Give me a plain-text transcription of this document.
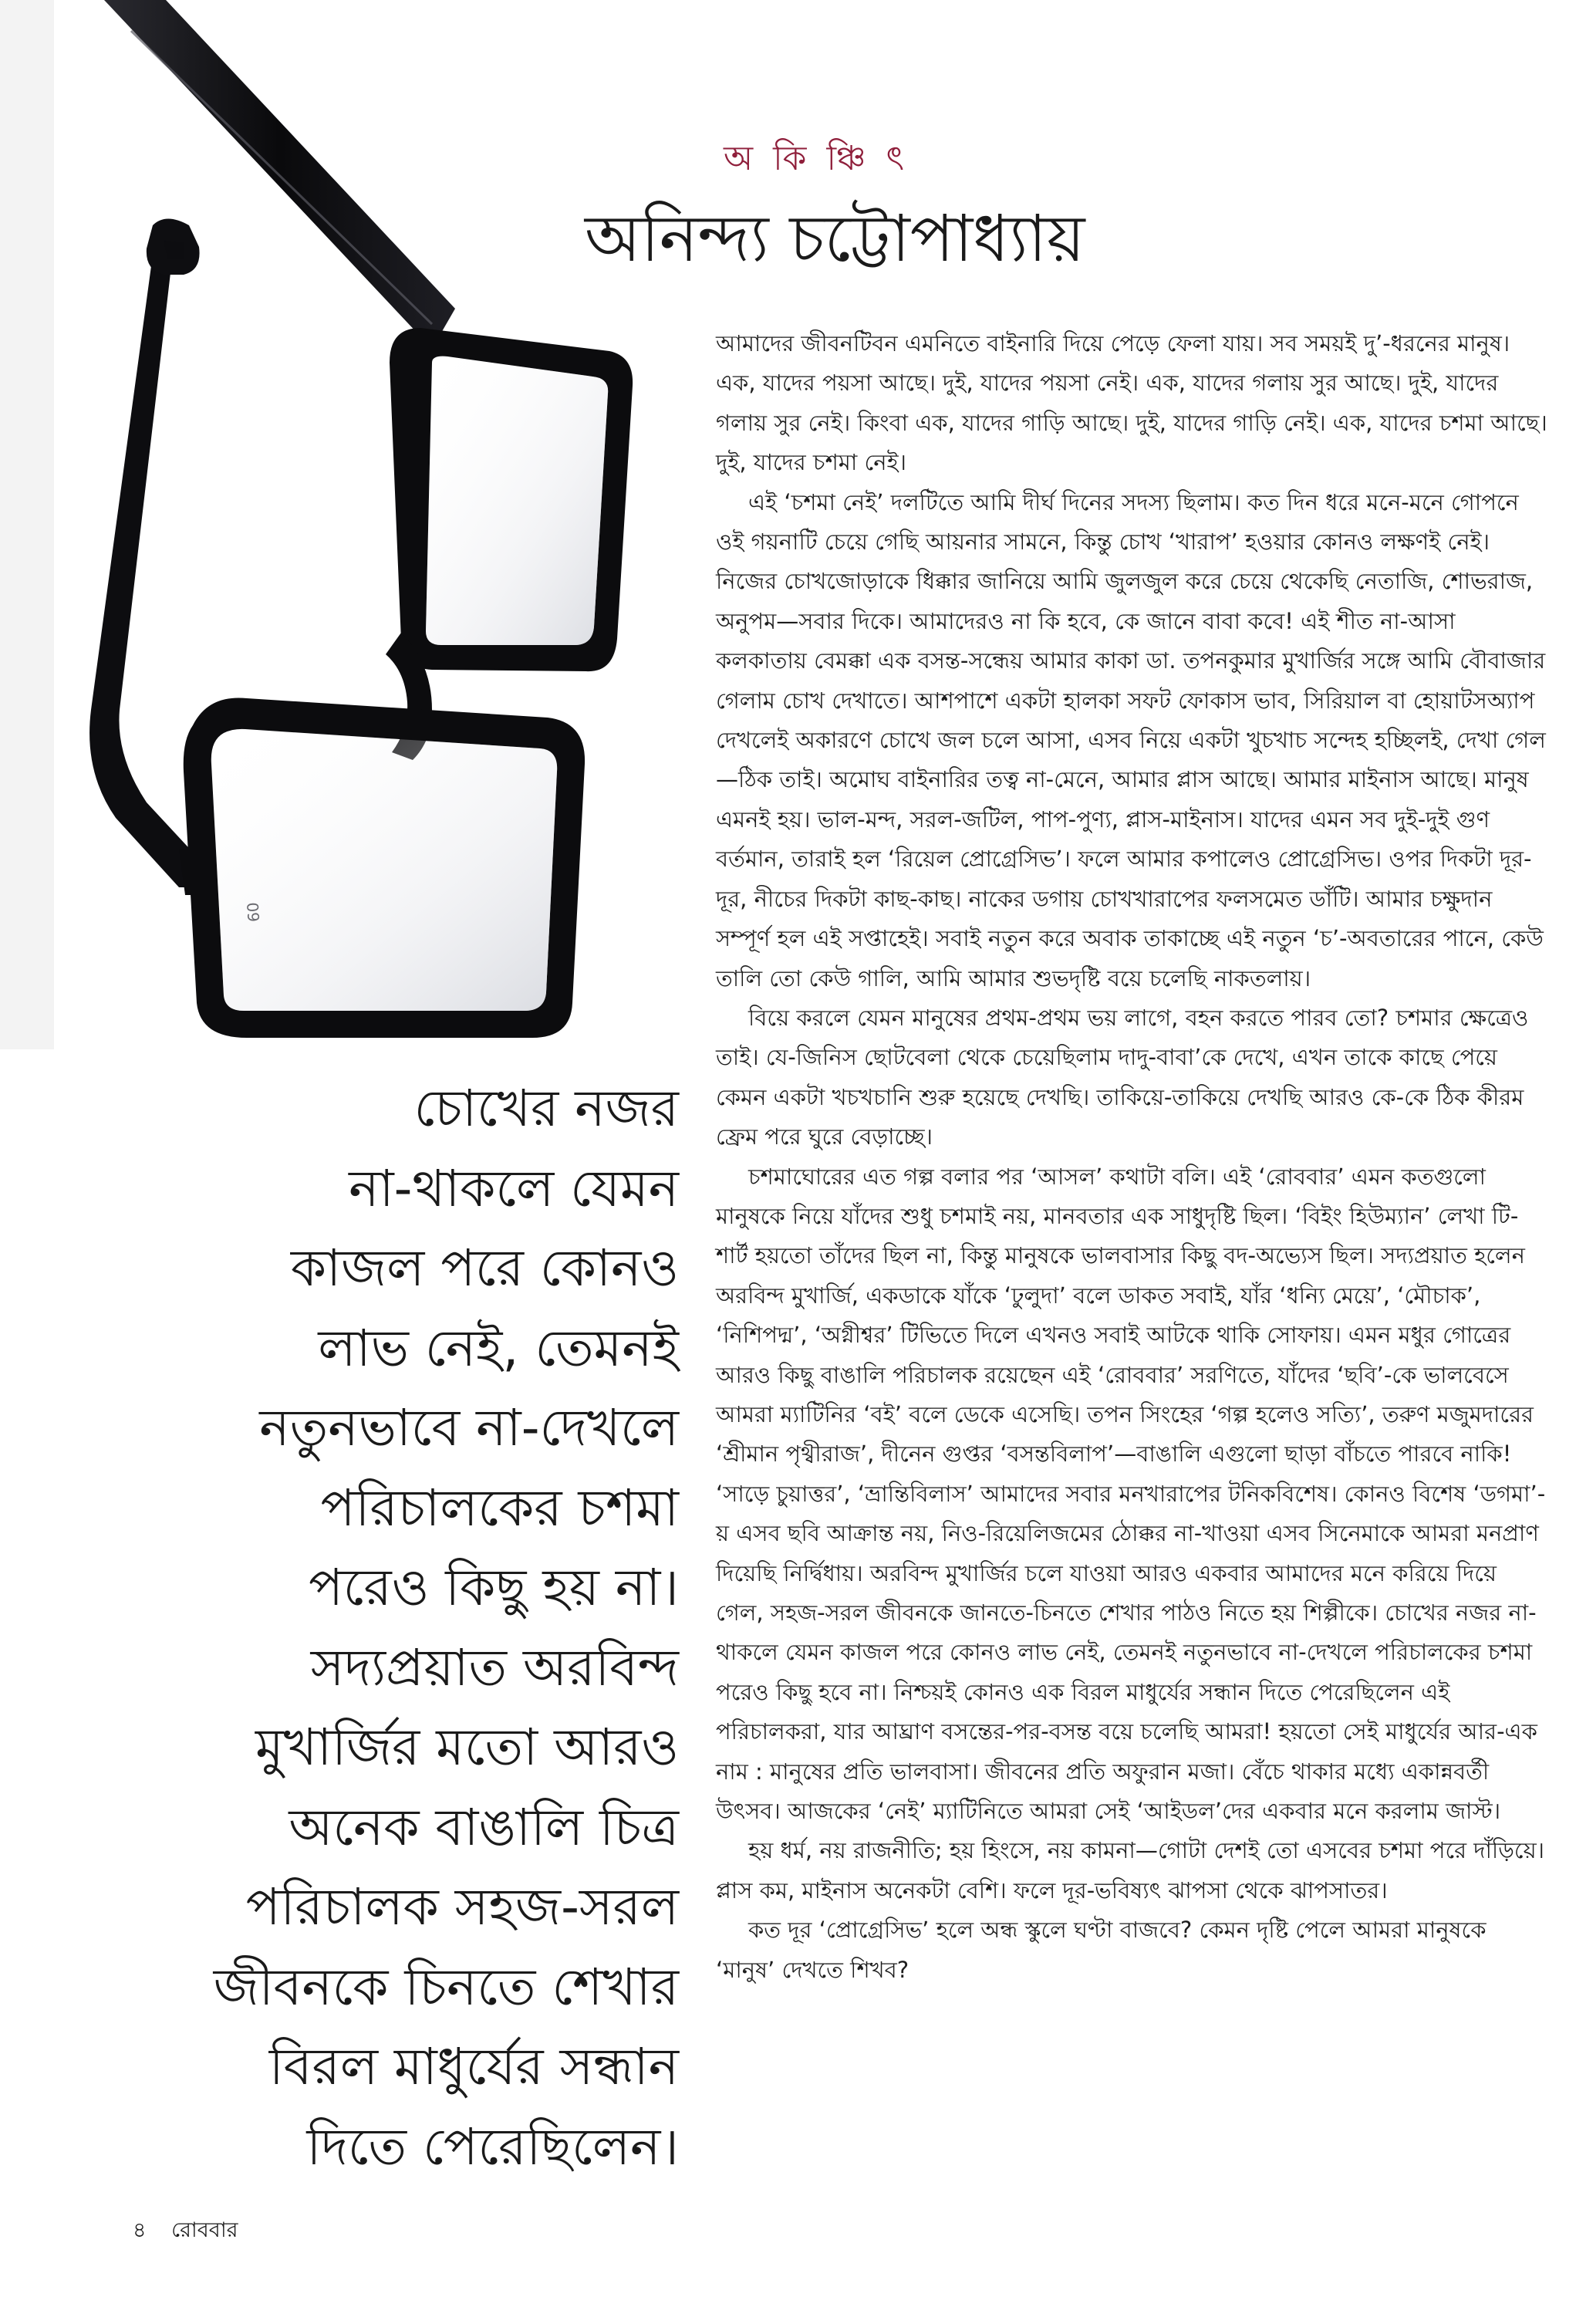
09
অ কি ঞ্চি ৎ
অনিন্দ্য চট্টোপাধ্যায়

আমাদের জীবনটিবন এমনিতে বাইনারি দিয়ে পেড়ে ফেলা যায়। সব সময়ই দু’-ধরনের মানুষ। এক, যাদের পয়সা আছে। দুই, যাদের পয়সা নেই। এক, যাদের গলায় সুর আছে। দুই, যাদের গলায় সুর নেই। কিংবা এক, যাদের গাড়ি আছে। দুই, যাদের গাড়ি নেই। এক, যাদের চশমা আছে। দুই, যাদের চশমা নেই।

এই ‘চশমা নেই’ দলটিতে আমি দীর্ঘ দিনের সদস্য ছিলাম। কত দিন ধরে মনে-মনে গোপনে ওই গয়নাটি চেয়ে গেছি আয়নার সামনে, কিন্তু চোখ ‘খারাপ’ হওয়ার কোনও লক্ষণই নেই। নিজের চোখজোড়াকে ধিক্কার জানিয়ে আমি জুলজুল করে চেয়ে থেকেছি নেতাজি, শোভরাজ, অনুপম—সবার দিকে। আমাদেরও না কি হবে, কে জানে বাবা কবে! এই শীত না-আসা কলকাতায় বেমক্কা এক বসন্ত-সন্ধেয় আমার কাকা ডা. তপনকুমার মুখার্জির সঙ্গে আমি বৌবাজার গেলাম চোখ দেখাতে। আশপাশে একটা হালকা সফট ফোকাস ভাব, সিরিয়াল বা হোয়াটসঅ্যাপ দেখলেই অকারণে চোখে জল চলে আসা, এসব নিয়ে একটা খুচখাচ সন্দেহ হচ্ছিলই, দেখা গেল—ঠিক তাই। অমোঘ বাইনারির তত্ব না-মেনে, আমার প্লাস আছে। আমার মাইনাস আছে। মানুষ এমনই হয়। ভাল-মন্দ, সরল-জটিল, পাপ-পুণ্য, প্লাস-মাইনাস। যাদের এমন সব দুই-দুই গুণ বর্তমান, তারাই হল ‘রিয়েল প্রোগ্রেসিভ’। ফলে আমার কপালেও প্রোগ্রেসিভ। ওপর দিকটা দূর-দূর, নীচের দিকটা কাছ-কাছ। নাকের ডগায় চোখখারাপের ফলসমেত ডাঁটি। আমার চক্ষুদান সম্পূর্ণ হল এই সপ্তাহেই। সবাই নতুন করে অবাক তাকাচ্ছে এই নতুন ‘চ’-অবতারের পানে, কেউ তালি তো কেউ গালি, আমি আমার শুভদৃষ্টি বয়ে চলেছি নাকতলায়।

বিয়ে করলে যেমন মানুষের প্রথম-প্রথম ভয় লাগে, বহন করতে পারব তো? চশমার ক্ষেত্রেও তাই। যে-জিনিস ছোটবেলা থেকে চেয়েছিলাম দাদু-বাবা’কে দেখে, এখন তাকে কাছে পেয়ে কেমন একটা খচখচানি শুরু হয়েছে দেখছি। তাকিয়ে-তাকিয়ে দেখছি আরও কে-কে ঠিক কীরম ফ্রেম পরে ঘুরে বেড়াচ্ছে।

চশমাঘোরের এত গল্প বলার পর ‘আসল’ কথাটা বলি। এই ‘রোববার’ এমন কতগুলো মানুষকে নিয়ে যাঁদের শুধু চশমাই নয়, মানবতার এক সাধুদৃষ্টি ছিল। ‘বিইং হিউম্যান’ লেখা টি-শার্ট হয়তো তাঁদের ছিল না, কিন্তু মানুষকে ভালবাসার কিছু বদ-অভ্যেস ছিল। সদ্যপ্রয়াত হলেন অরবিন্দ মুখার্জি, একডাকে যাঁকে ‘ঢুলুদা’ বলে ডাকত সবাই, যাঁর ‘ধন্যি মেয়ে’, ‘মৌচাক’, ‘নিশিপদ্ম’, ‘অগ্নীশ্বর’ টিভিতে দিলে এখনও সবাই আটকে থাকি সোফায়। এমন মধুর গোত্রের আরও কিছু বাঙালি পরিচালক রয়েছেন এই ‘রোববার’ সরণিতে, যাঁদের ‘ছবি’-কে ভালবেসে আমরা ম্যাটিনির ‘বই’ বলে ডেকে এসেছি। তপন সিংহের ‘গল্প হলেও সত্যি’, তরুণ মজুমদারের ‘শ্রীমান পৃথ্বীরাজ’, দীনেন গুপ্তর ‘বসন্তবিলাপ’—বাঙালি এগুলো ছাড়া বাঁচতে পারবে নাকি! ‘সাড়ে চুয়াত্তর’, ‘ভ্রান্তিবিলাস’ আমাদের সবার মনখারাপের টনিকবিশেষ। কোনও বিশেষ ‘ডগমা’-য় এসব ছবি আক্রান্ত নয়, নিও-রিয়েলিজমের ঠোক্কর না-খাওয়া এসব সিনেমাকে আমরা মনপ্রাণ দিয়েছি নির্দ্বিধায়। অরবিন্দ মুখার্জির চলে যাওয়া আরও একবার আমাদের মনে করিয়ে দিয়ে গেল, সহজ-সরল জীবনকে জানতে-চিনতে শেখার পাঠও নিতে হয় শিল্পীকে। চোখের নজর না-থাকলে যেমন কাজল পরে কোনও লাভ নেই, তেমনই নতুনভাবে না-দেখলে পরিচালকের চশমা পরেও কিছু হবে না। নিশ্চয়ই কোনও এক বিরল মাধুর্যের সন্ধান দিতে পেরেছিলেন এই পরিচালকরা, যার আঘ্রাণ বসন্তের-পর-বসন্ত বয়ে চলেছি আমরা! হয়তো সেই মাধুর্যের আর-এক নাম : মানুষের প্রতি ভালবাসা। জীবনের প্রতি অফুরান মজা। বেঁচে থাকার মধ্যে একান্নবর্তী উৎসব। আজকের ‘নেই’ ম্যাটিনিতে আমরা সেই ‘আইডল’দের একবার মনে করলাম জাস্ট।

হয় ধর্ম, নয় রাজনীতি; হয় হিংসে, নয় কামনা—গোটা দেশই তো এসবের চশমা পরে দাঁড়িয়ে। প্লাস কম, মাইনাস অনেকটা বেশি। ফলে দূর-ভবিষ্যৎ ঝাপসা থেকে ঝাপসাতর।

কত দূর ‘প্রোগ্রেসিভ’ হলে অন্ধ স্কুলে ঘণ্টা বাজবে? কেমন দৃষ্টি পেলে আমরা মানুষকে ‘মানুষ’ দেখতে শিখব?

চোখের নজর
না-থাকলে যেমন
কাজল পরে কোনও
লাভ নেই, তেমনই
নতুনভাবে না-দেখলে
পরিচালকের চশমা
পরেও কিছু হয় না।
সদ্যপ্রয়াত অরবিন্দ
মুখার্জির মতো আরও
অনেক বাঙালি চিত্র
পরিচালক সহজ-সরল
জীবনকে চিনতে শেখার
বিরল মাধুর্যের সন্ধান
দিতে পেরেছিলেন।
৪ রোববার
